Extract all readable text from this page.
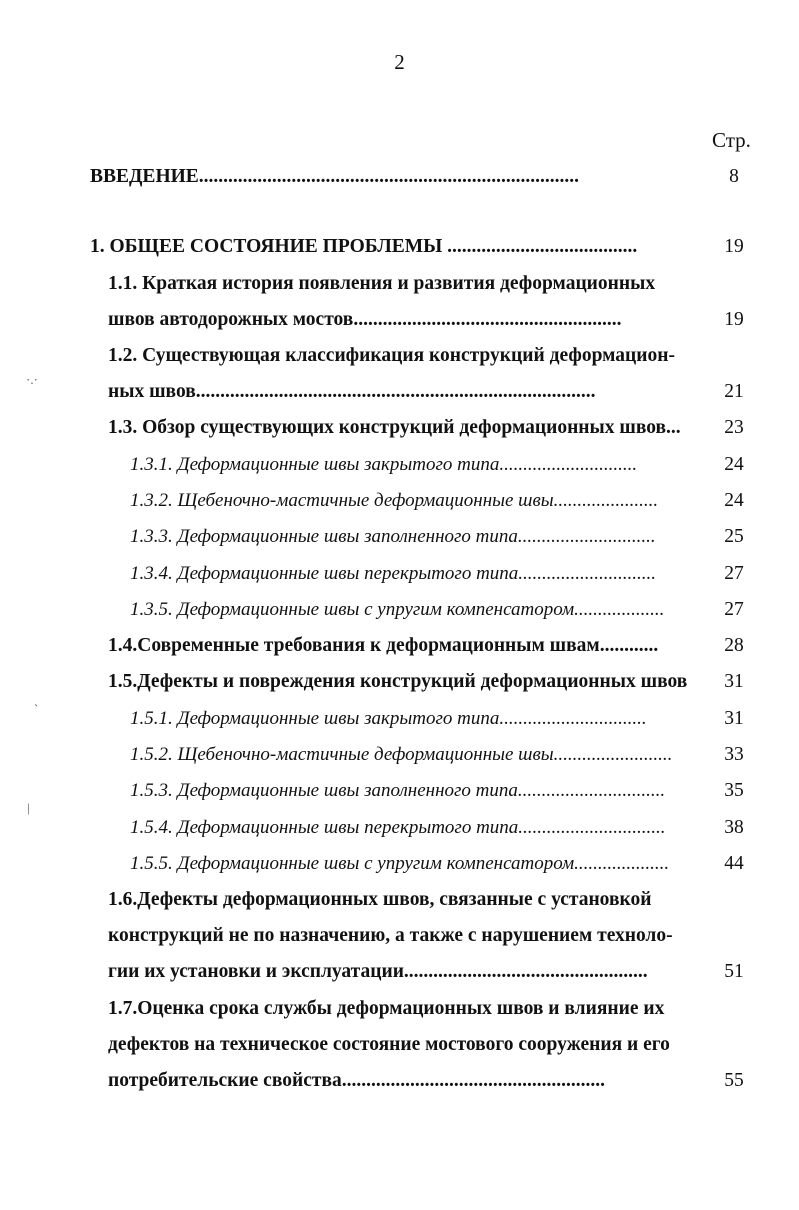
2
Стр.
ВВЕДЕНИЕ..............................................................................	8
1. ОБЩЕЕ СОСТОЯНИЕ ПРОБЛЕМЫ .......................................	19
1.1. Краткая история появления и развития деформационных
швов автодорожных мостов.......................................................	19
1.2. Существующая классификация конструкций деформацион-
ных швов..................................................................................	21
1.3. Обзор существующих конструкций деформационных швов...	23
1.3.1. Деформационные швы закрытого типа.............................	24
1.3.2. Щебеночно-мастичные деформационные швы......................	24
1.3.3. Деформационные швы заполненного типа.............................	25
1.3.4. Деформационные швы перекрытого типа.............................	27
1.3.5. Деформационные швы с упругим компенсатором...................	27
1.4.Современные требования к деформационным швам............	28
1.5.Дефекты и повреждения конструкций деформационных швов	31
1.5.1. Деформационные швы закрытого типа...............................	31
1.5.2. Щебеночно-мастичные деформационные швы.........................	33
1.5.3. Деформационные швы заполненного типа...............................	35
1.5.4. Деформационные швы перекрытого типа...............................	38
1.5.5. Деформационные швы с упругим компенсатором....................	44
1.6.Дефекты деформационных швов, связанные с установкой
конструкций не по назначению, а также с нарушением техноло-
гии их установки и эксплуатации..................................................	51
1.7.Оценка срока службы деформационных швов и влияние их
дефектов на техническое состояние мостового сооружения и его
потребительские свойства......................................................	55
·.·
ˎ
|
